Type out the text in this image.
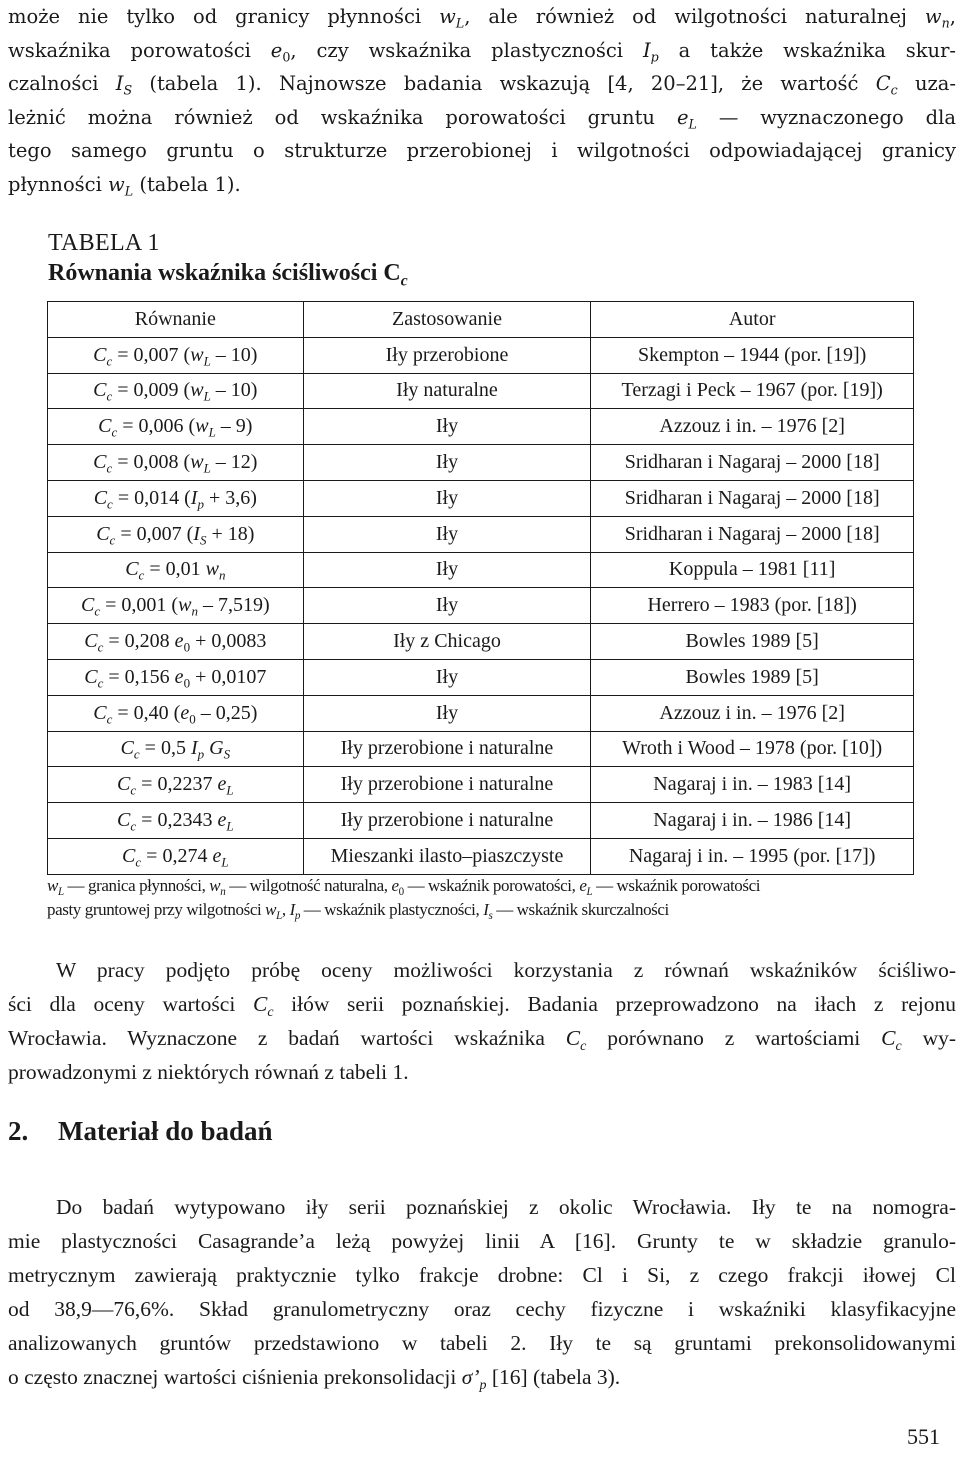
może nie tylko od granicy płynności $w_L$, ale również od wilgotności naturalnej $w_n$,
wskaźnika porowatości $e_0$, czy wskaźnika plastyczności $I_p$ a także wskaźnika skur-
czalności $I_S$ (tabela 1). Najnowsze badania wskazują [4, 20–21], że wartość $C_c$ uza-
leżnić można również od wskaźnika porowatości gruntu $e_L$ — wyznaczonego dla
tego samego gruntu o strukturze przerobionej i wilgotności odpowiadającej granicy
płynności $w_L$ (tabela 1).
TABELA 1
Równania wskaźnika ściśliwości $C_c$
Równanie	Zastosowanie	Autor
$C_c = 0,007$ $(w_L - 10)$	Iły przerobione	Skempton – 1944 (por. [19])
$C_c = 0,009$ $(w_L - 10)$	Iły naturalne	Terzagi i Peck – 1967 (por. [19])
$C_c = 0,006$ $(w_L - 9)$	Iły	Azzouz i in. – 1976 [2]
$C_c = 0,008$ $(w_L - 12)$	Iły	Sridharan i Nagaraj – 2000 [18]
$C_c = 0,014$ $(I_p + 3,6)$	Iły	Sridharan i Nagaraj – 2000 [18]
$C_c = 0,007$ $(I_S + 18)$	Iły	Sridharan i Nagaraj – 2000 [18]
$C_c = 0,01$ $w_n$	Iły	Koppula – 1981 [11]
$C_c = 0,001$ $(w_n - 7,519)$	Iły	Herrero – 1983 (por. [18])
$C_c = 0,208$ $e_0 + 0,0083$	Iły z Chicago	Bowles 1989 [5]
$C_c = 0,156$ $e_0 + 0,0107$	Iły	Bowles 1989 [5]
$C_c = 0,40$ $(e_0 - 0,25)$	Iły	Azzouz i in. – 1976 [2]
$C_c = 0,5$ $I_p$ $G_S$	Iły przerobione i naturalne	Wroth i Wood – 1978 (por. [10])
$C_c = 0,2237$ $e_L$	Iły przerobione i naturalne	Nagaraj i in. – 1983 [14]
$C_c = 0,2343$ $e_L$	Iły przerobione i naturalne	Nagaraj i in. – 1986 [14]
$C_c = 0,274$ $e_L$	Mieszanki ilasto–piaszczyste	Nagaraj i in. – 1995 (por. [17])
$w_L$ — granica płynności, $w_n$ — wilgotność naturalna, $e_0$ — wskaźnik porowatości, $e_L$ — wskaźnik porowatości
pasty gruntowej przy wilgotności $w_L$, $I_p$ — wskaźnik plastyczności, $I_s$ — wskaźnik skurczalności
W pracy podjęto próbę oceny możliwości korzystania z równań wskaźników ściśliwo-
ści dla oceny wartości $C_c$ iłów serii poznańskiej. Badania przeprowadzono na iłach z rejonu
Wrocławia. Wyznaczone z badań wartości wskaźnika $C_c$ porównano z wartościami $C_c$ wy-
prowadzonymi z niektórych równań z tabeli 1.
2. Materiał do badań
Do badań wytypowano iły serii poznańskiej z okolic Wrocławia. Iły te na nomogra-
mie plastyczności Casagrande’a leżą powyżej linii A [16]. Grunty te w składzie granulo-
metrycznym zawierają praktycznie tylko frakcje drobne: Cl i Si, z czego frakcji iłowej Cl
od 38,9—76,6%. Skład granulometryczny oraz cechy fizyczne i wskaźniki klasyfikacyjne
analizowanych gruntów przedstawiono w tabeli 2. Iły te są gruntami prekonsolidowanymi
o często znacznej wartości ciśnienia prekonsolidacji $\sigma’_p$ [16] (tabela 3).
551
